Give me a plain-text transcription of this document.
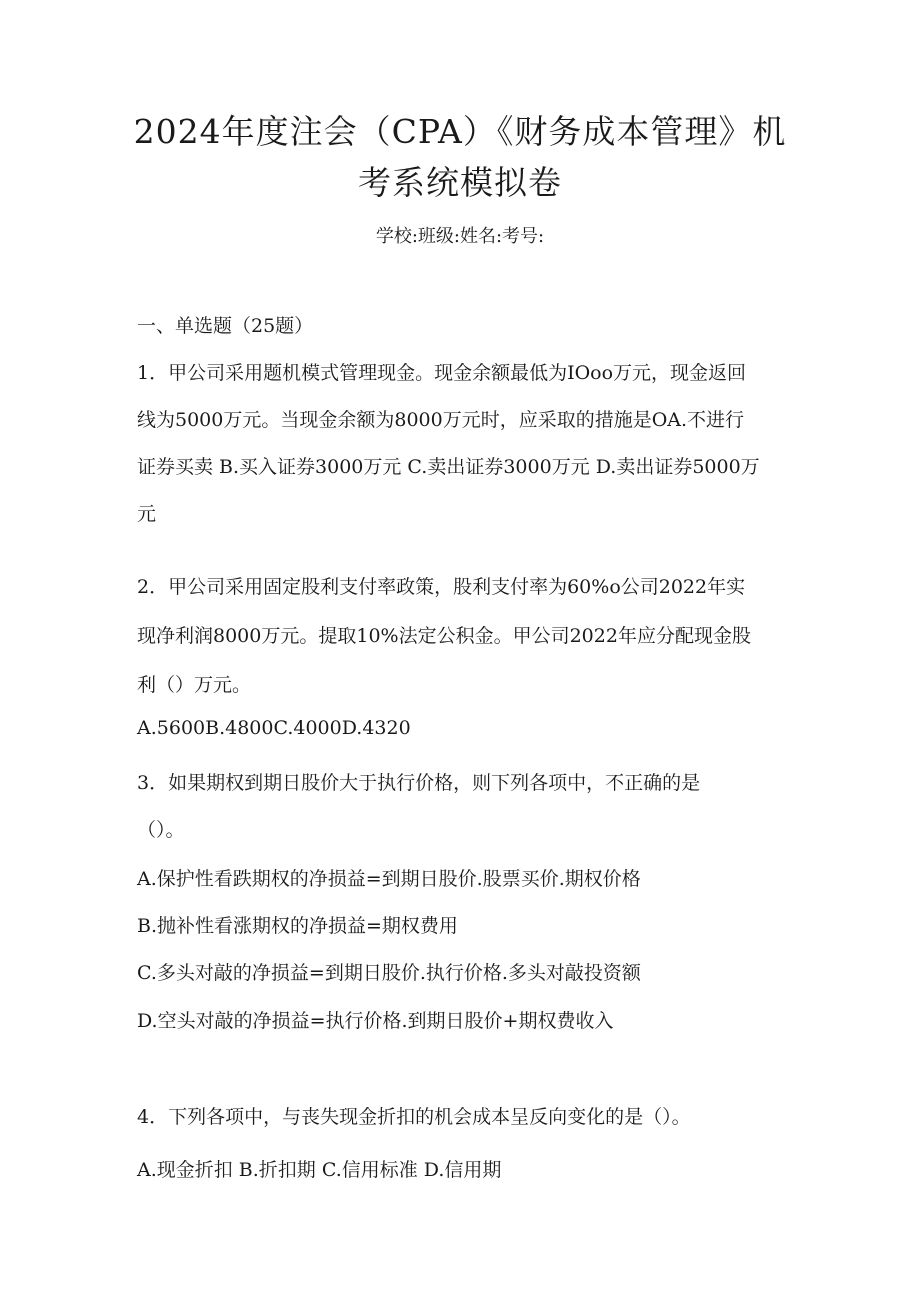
2024年度注会（CPA）《财务成本管理》机
考系统模拟卷
学校:班级:姓名:考号:

一、单选题（25题）

1．甲公司采用题机模式管理现金。现金余额最低为IOoo万元，现金返回

线为5000万元。当现金余额为8000万元时，应采取的措施是OA.不进行

证券买卖 B.买入证券3000万元 C.卖出证券3000万元 D.卖出证券5000万

元

2．甲公司采用固定股利支付率政策，股利支付率为60%o公司2022年实

现净利润8000万元。提取10%法定公积金。甲公司2022年应分配现金股

利（）万元。

A.5600B.4800C.4000D.4320

3．如果期权到期日股价大于执行价格，则下列各项中，不正确的是

（）。

A.保护性看跌期权的净损益=到期日股价.股票买价.期权价格

B.抛补性看涨期权的净损益=期权费用

C.多头对敲的净损益=到期日股价.执行价格.多头对敲投资额

D.空头对敲的净损益=执行价格.到期日股价+期权费收入

4．下列各项中，与丧失现金折扣的机会成本呈反向变化的是（）。

A.现金折扣 B.折扣期 C.信用标准 D.信用期
